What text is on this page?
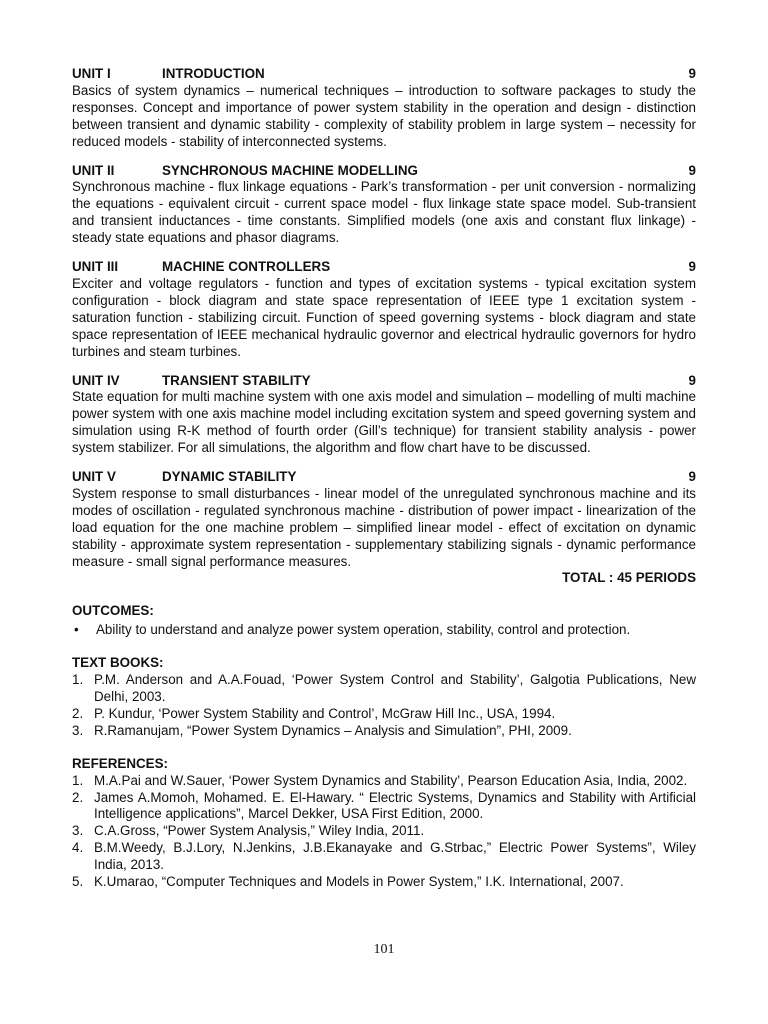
UNIT I	INTRODUCTION	9
Basics of system dynamics – numerical techniques – introduction to software packages to study the responses. Concept and importance of power system stability in the operation and design - distinction between transient and dynamic stability - complexity of stability problem in large system – necessity for reduced models - stability of interconnected systems.
UNIT II	SYNCHRONOUS MACHINE MODELLING	9
Synchronous machine - flux linkage equations - Park’s transformation - per unit conversion - normalizing the equations - equivalent circuit - current space model - flux linkage state space model. Sub-transient and transient inductances - time constants. Simplified models (one axis and constant flux linkage) - steady state equations and phasor diagrams.
UNIT III	MACHINE CONTROLLERS	9
Exciter and voltage regulators - function and types of excitation systems - typical excitation system configuration - block diagram and state space representation of IEEE type 1 excitation system - saturation function - stabilizing circuit. Function of speed governing systems - block diagram and state space representation of IEEE mechanical hydraulic governor and electrical hydraulic governors for hydro turbines and steam turbines.
UNIT IV	TRANSIENT STABILITY	9
State equation for multi machine system with one axis model and simulation – modelling of multi machine power system with one axis machine model including excitation system and speed governing system and simulation using R-K method of fourth order (Gill’s technique) for transient stability analysis - power system stabilizer. For all simulations, the algorithm and flow chart have to be discussed.
UNIT V	DYNAMIC STABILITY	9
System response to small disturbances - linear model of the unregulated synchronous machine and its modes of oscillation - regulated synchronous machine - distribution of power impact - linearization of the load equation for the one machine problem – simplified linear model - effect of excitation on dynamic stability - approximate system representation - supplementary stabilizing signals - dynamic performance measure - small signal performance measures.
TOTAL : 45 PERIODS
OUTCOMES:
•	Ability to understand and analyze power system operation, stability, control and protection.
TEXT BOOKS:
1. P.M. Anderson and A.A.Fouad, ‘Power System Control and Stability’, Galgotia Publications, New Delhi, 2003.
2. P. Kundur, ‘Power System Stability and Control’, McGraw Hill Inc., USA, 1994.
3. R.Ramanujam, “Power System Dynamics – Analysis and Simulation”, PHI, 2009.
REFERENCES:
1. M.A.Pai and W.Sauer, ‘Power System Dynamics and Stability’, Pearson Education Asia, India, 2002.
2. James A.Momoh, Mohamed. E. El-Hawary. “ Electric Systems, Dynamics and Stability with Artificial Intelligence applications”, Marcel Dekker, USA First Edition, 2000.
3. C.A.Gross, “Power System Analysis,” Wiley India, 2011.
4. B.M.Weedy, B.J.Lory, N.Jenkins, J.B.Ekanayake and G.Strbac,” Electric Power Systems”, Wiley India, 2013.
5. K.Umarao, “Computer Techniques and Models in Power System,” I.K. International, 2007.
101
